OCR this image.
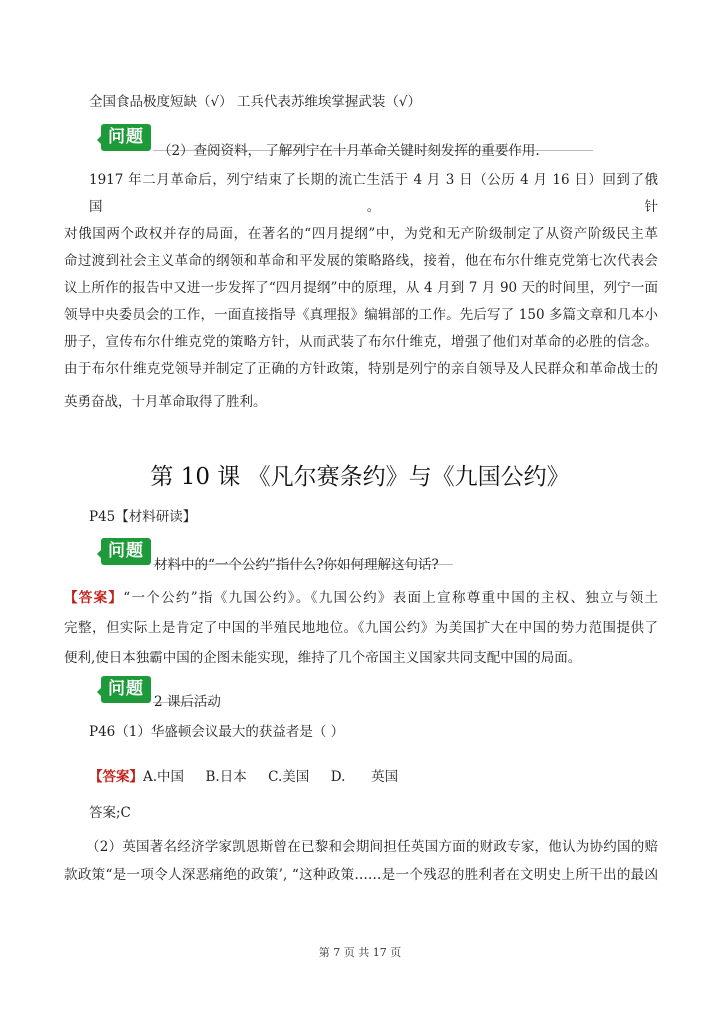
全国食品极度短缺（√） 工兵代表苏维埃掌握武装（√）
问题
（2）查阅资料， 了解列宁在十月革命关键时刻发挥的重要作用.
1917 年二月革命后，列宁结束了长期的流亡生活于 4 月 3 日（公历 4 月 16 日）回到了俄国。针
对俄国两个政权并存的局面，在著名的“四月提纲”中，为党和无产阶级制定了从资产阶级民主革
命过渡到社会主义革命的纲领和革命和平发展的策略路线，接着，他在布尔什维克党第七次代表会
议上所作的报告中又进一步发挥了“四月提纲”中的原理，从 4 月到 7 月 90 天的时间里，列宁一面
领导中央委员会的工作，一面直接指导《真理报》编辑部的工作。先后写了 150 多篇文章和几本小
册子，宣传布尔什维克党的策略方针，从而武装了布尔什维克，增强了他们对革命的必胜的信念。
由于布尔什维克党领导并制定了正确的方针政策，特别是列宁的亲自领导及人民群众和革命战士的
英勇奋战，十月革命取得了胜利。
第 10 课 《凡尔赛条约》与《九国公约》
P45【材料研读】
问题
材料中的“一个公约”指什么?你如何理解这句话?
【答案】“一个公约”指《九国公约》。《九国公约》表面上宣称尊重中国的主权、独立与领土
完整，但实际上是肯定了中国的半殖民地地位。《九国公约》为美国扩大在中国的势力范围提供了
便利,使日本独霸中国的企图未能实现，维持了几个帝国主义国家共同支配中国的局面。
问题
2 课后活动
P46（1）华盛顿会议最大的获益者是（ ）
【答案】A.中国     B.日本     C.美国     D.      英国
答案;C
（2）英国著名经济学家凯恩斯曾在已黎和会期间担任英国方面的财政专家，他认为协约国的赔
款政策“是一项令人深恶痛绝的政策’, “这种政策……是一个残忍的胜利者在文明史上所干出的最凶
第 7 页 共 17 页
